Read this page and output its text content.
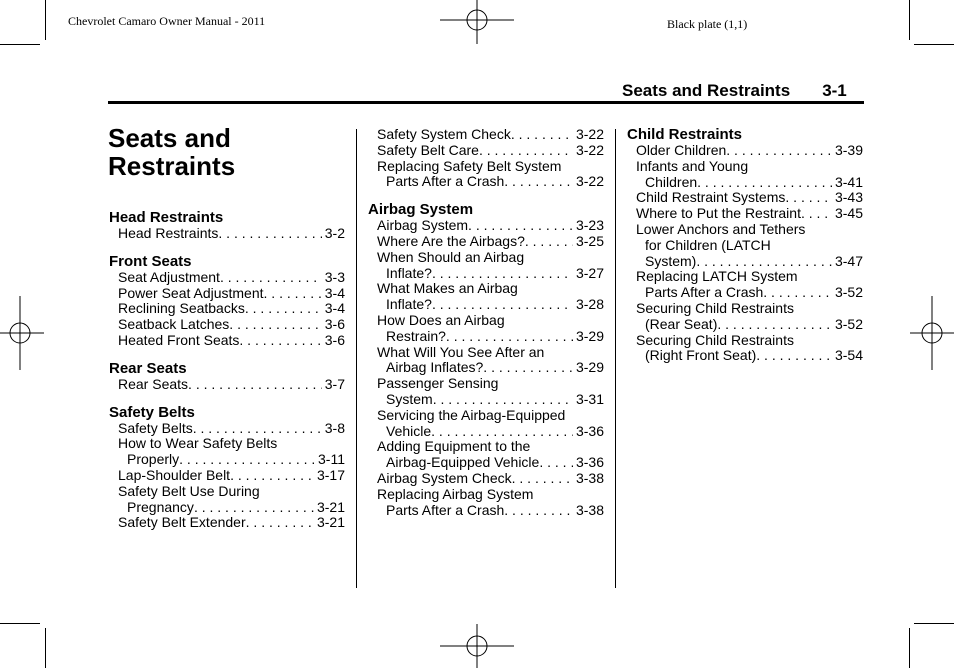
Chevrolet Camaro Owner Manual - 2011	Black plate (1,1)
Seats and Restraints 3-1
Seats and Restraints
Head Restraints
Head Restraints . . .	3-2
Front Seats
Seat Adjustment . . .	3-3
Power Seat Adjustment . . .	3-4
Reclining Seatbacks . . .	3-4
Seatback Latches . . .	3-6
Heated Front Seats . . .	3-6
Rear Seats
Rear Seats . . .	3-7
Safety Belts
Safety Belts . . .	3-8
How to Wear Safety Belts
Properly . . .	3-11
Lap-Shoulder Belt . . .	3-17
Safety Belt Use During
Pregnancy . . .	3-21
Safety Belt Extender . . .	3-21
Safety System Check . . .	3-22
Safety Belt Care . . .	3-22
Replacing Safety Belt System
Parts After a Crash . . .	3-22
Airbag System
Airbag System . . .	3-23
Where Are the Airbags? . . .	3-25
When Should an Airbag
Inflate? . . .	3-27
What Makes an Airbag
Inflate? . . .	3-28
How Does an Airbag
Restrain? . . .	3-29
What Will You See After an
Airbag Inflates? . . .	3-29
Passenger Sensing
System . . .	3-31
Servicing the Airbag-Equipped
Vehicle . . .	3-36
Adding Equipment to the
Airbag-Equipped Vehicle . . .	3-36
Airbag System Check . . .	3-38
Replacing Airbag System
Parts After a Crash . . .	3-38
Child Restraints
Older Children . . .	3-39
Infants and Young
Children . . .	3-41
Child Restraint Systems . . .	3-43
Where to Put the Restraint . . . 3-45
Lower Anchors and Tethers
for Children (LATCH
System) . . .	3-47
Replacing LATCH System
Parts After a Crash . . .	3-52
Securing Child Restraints
(Rear Seat) . . .	3-52
Securing Child Restraints
(Right Front Seat) . . .	3-54
